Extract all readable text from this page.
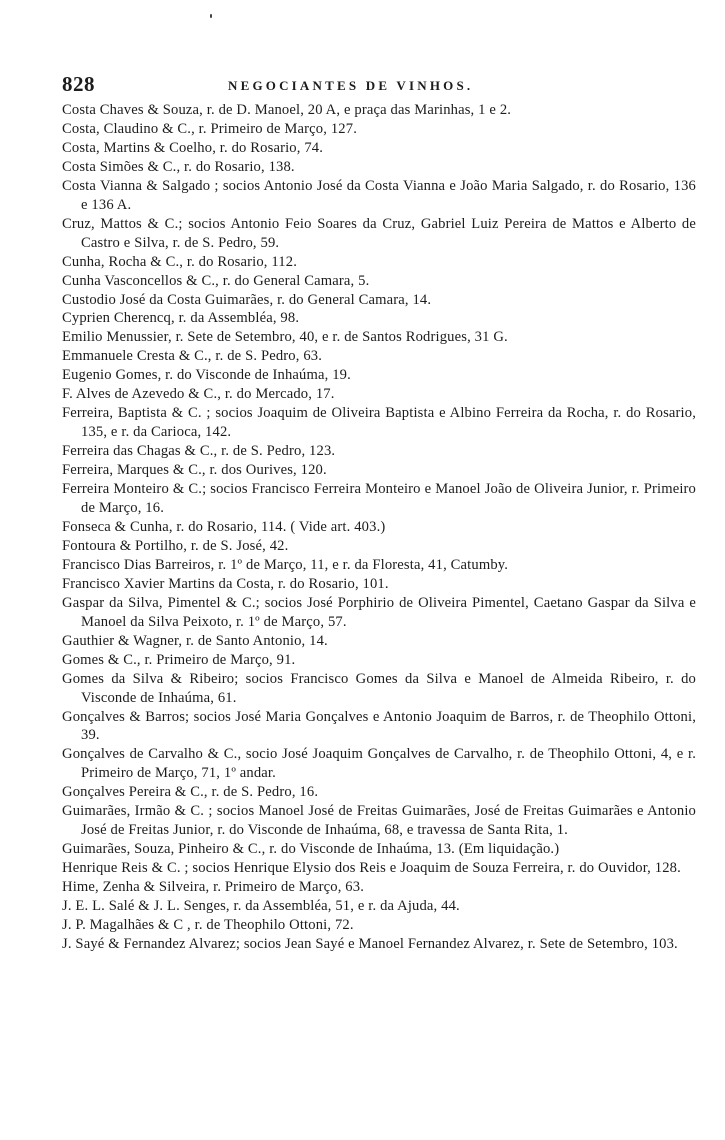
828	NEGOCIANTES DE VINHOS.

Costa Chaves & Souza, r. de D. Manoel, 20 A, e praça das Marinhas, 1 e 2.

Costa, Claudino & C., r. Primeiro de Março, 127.

Costa, Martins & Coelho, r. do Rosario, 74.

Costa Simões & C., r. do Rosario, 138.

Costa Vianna & Salgado ; socios Antonio José da Costa Vianna e João Maria Salgado, r. do Rosario, 136 e 136 A.

Cruz, Mattos & C.; socios Antonio Feio Soares da Cruz, Gabriel Luiz Pereira de Mattos e Alberto de Castro e Silva, r. de S. Pedro, 59.

Cunha, Rocha & C., r. do Rosario, 112.

Cunha Vasconcellos & C., r. do General Camara, 5.

Custodio José da Costa Guimarães, r. do General Camara, 14.

Cyprien Cherencq, r. da Assembléa, 98.

Emilio Menussier, r. Sete de Setembro, 40, e r. de Santos Rodrigues, 31 G.

Emmanuele Cresta & C., r. de S. Pedro, 63.

Eugenio Gomes, r. do Visconde de Inhaúma, 19.

F. Alves de Azevedo & C., r. do Mercado, 17.

Ferreira, Baptista & C. ; socios Joaquim de Oliveira Baptista e Albino Ferreira da Rocha, r. do Rosario, 135, e r. da Carioca, 142.

Ferreira das Chagas & C., r. de S. Pedro, 123.

Ferreira, Marques & C., r. dos Ourives, 120.

Ferreira Monteiro & C.; socios Francisco Ferreira Monteiro e Manoel João de Oliveira Junior, r. Primeiro de Março, 16.

Fonseca & Cunha, r. do Rosario, 114. ( Vide art. 403.)

Fontoura & Portilho, r. de S. José, 42.

Francisco Dias Barreiros, r. 1º de Março, 11, e r. da Floresta, 41, Catumby.

Francisco Xavier Martins da Costa, r. do Rosario, 101.

Gaspar da Silva, Pimentel & C.; socios José Porphirio de Oliveira Pimentel, Caetano Gaspar da Silva e Manoel da Silva Peixoto, r. 1º de Março, 57.

Gauthier & Wagner, r. de Santo Antonio, 14.

Gomes & C., r. Primeiro de Março, 91.

Gomes da Silva & Ribeiro; socios Francisco Gomes da Silva e Manoel de Almeida Ribeiro, r. do Visconde de Inhaúma, 61.

Gonçalves & Barros; socios José Maria Gonçalves e Antonio Joaquim de Barros, r. de Theophilo Ottoni, 39.

Gonçalves de Carvalho & C., socio José Joaquim Gonçalves de Carvalho, r. de Theophilo Ottoni, 4, e r. Primeiro de Março, 71, 1º andar.

Gonçalves Pereira & C., r. de S. Pedro, 16.

Guimarães, Irmão & C. ; socios Manoel José de Freitas Guimarães, José de Freitas Guimarães e Antonio José de Freitas Junior, r. do Visconde de Inhaúma, 68, e travessa de Santa Rita, 1.

Guimarães, Souza, Pinheiro & C., r. do Visconde de Inhaúma, 13. (Em liquidação.)

Henrique Reis & C. ; socios Henrique Elysio dos Reis e Joaquim de Souza Ferreira, r. do Ouvidor, 128.

Hime, Zenha & Silveira, r. Primeiro de Março, 63.

J. E. L. Salé & J. L. Senges, r. da Assembléa, 51, e r. da Ajuda, 44.

J. P. Magalhães & C , r. de Theophilo Ottoni, 72.

J. Sayé & Fernandez Alvarez; socios Jean Sayé e Manoel Fernandez Alvarez, r. Sete de Setembro, 103.
